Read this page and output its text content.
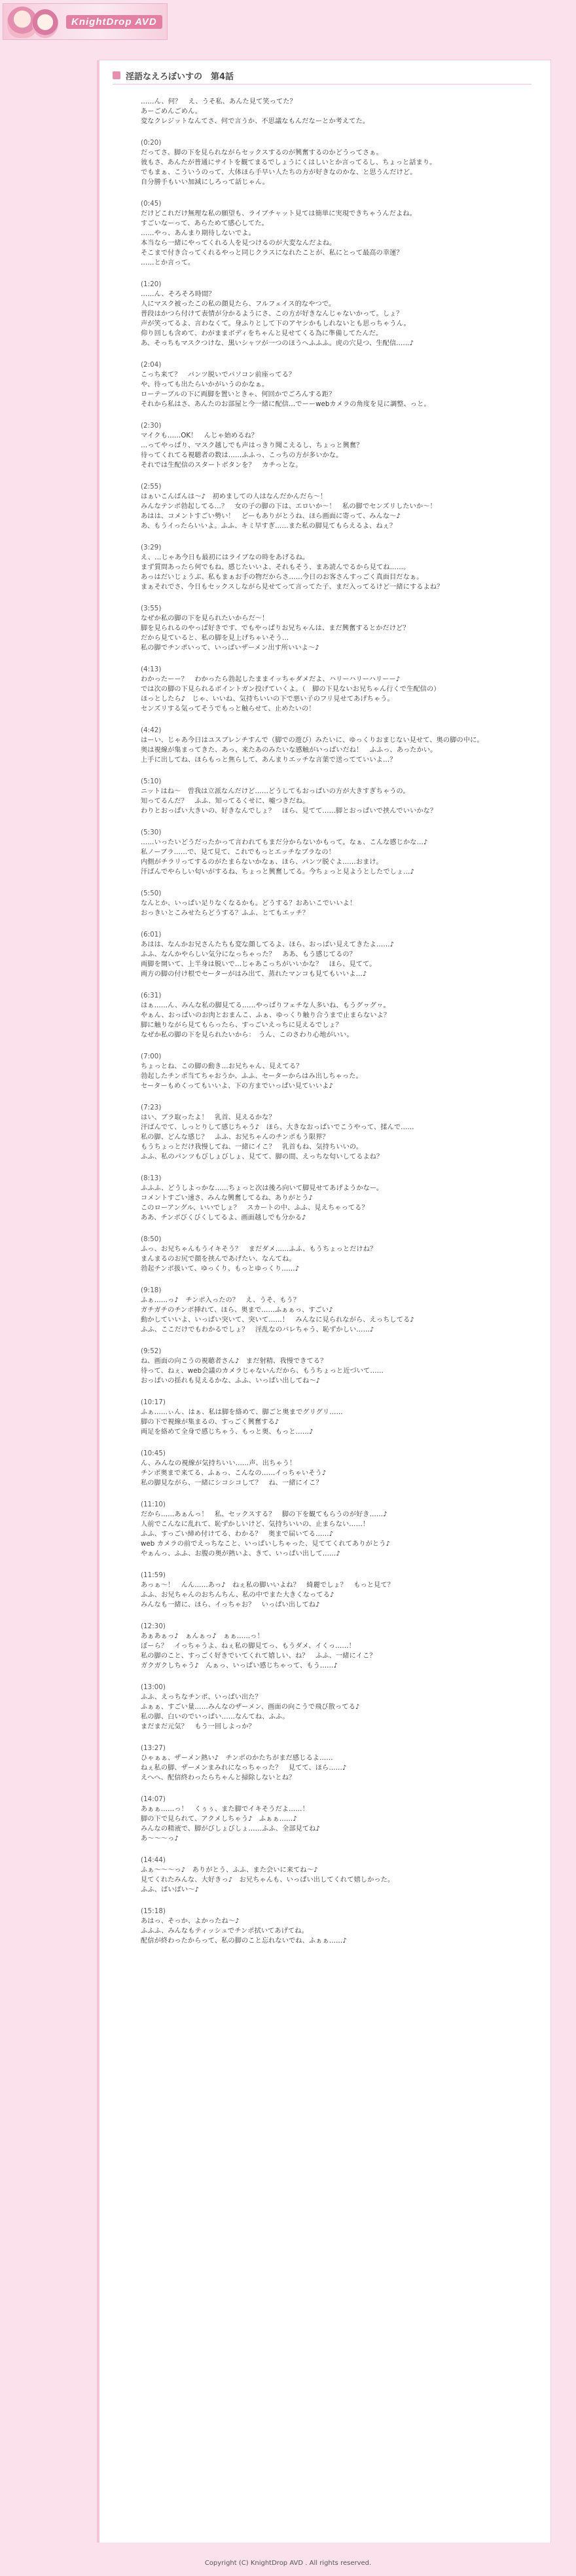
KnightDrop AVD
淫語なえろぼいすの　第4話
……ん、何？　え、うそ私、あんた見て笑ってた？
あーごめんごめん。
変なクレジットなんてさ、何で言うか、不思議なもんだなーとか考えてた。
(0:20)
だってさ、脚の下を見られながらセックスするのが興奮するのかどうってさぁ。
彼もさ、あんたが普通にサイトを観てまるでしょうにくはしいとか言ってるし、ちょっと話まり。
でもまぁ、こういうのって、大体ほら手早い人たちの方が好きなのかな、と思うんだけど。
自分勝手もいい加減にしろって話じゃん。
(0:45)
だけどこれだけ無理な私の願望も、ライブチャット見ては簡単に実現できちゃうんだよね。
すごいなーって、あらためて感心してた。
……やっ、あんまり期待しないでよ。
本当なら一緒にやってくれる人を見つけるのが大変なんだよね。
そこまで付き合ってくれるやっと同じクラスになれたことが、私にとって最高の幸運？
……とか言って。
(1:20)
……ん、そろそろ時間？
人にマスク被ったこの私の顔見たら、フルフェイス的なやつで。
普段はかつら付けて表情が分かるようにさ、この方が好きなんじゃないかって。しょ？
声が笑ってるよ、言わなくて。身ふりとして下のアヤシかもしれないとも思っちゃうん。
仰り回しも含めて、わがままボディをちゃんと見せてくる為に準備してたんだ。
あ、そっちもマスクつけな、黒いシャツが一つのほうへふふふ。虎の穴見つ、生配信……♪
(2:04)
こっち来て？　パンツ脱いでパソコン前座ってる？
や、待っても出たらいかがいうのかなぁ。
ローテーブルの下に両脚を置いときゃ、何回かでごろんする距？
それから私はさ、あんたのお部屋と今一緒に配信…でーーwebカメラの角度を見に調整、っと。
(2:30)
マイクも……OK！　んじゃ始めるね？
…ってやっぱり、マスク越しでも声はっきり聞こえるし、ちょっと興奮？
待ってくれてる視聴者の数は……ふふっ、こっちの方が多いかな。
それでは生配信のスタートボタンを？　カチっとな。
(2:55)
はぁいこんばんは～♪　初めましての人はなんだかんだら～！
みんなテンポ勃起してる…？　女の子の脚の下は、エロいか～！　私の脚でセンズリしたいか～！
あはは、コメントすごい勢い！　どーもありがとうね、ほら画面に寄って、みんな～♪
あ、もうイったらいいよ。ふふ、キミ早すぎ……また私の脚見てもらえるよ、ねぇ？
(3:29)
え、…じゃあ今日も最初にはライブなの時をあげるね。
まず質問あったら何でもね、感じたいいよ、それもそう、まあ読んでるから見てね……。
あっはだいじょうぶ、私もまぁお手の物だからさ……今日のお客さんすっごく真面目だなぁ。
まぁそれでさ、今日もセックスしながら見せてって言ってた子、まだ入ってるけど一緒にするよね？
(3:55)
なぜか私の脚の下を見られたいからだ～！
脚を見られるのやっぱ好きです、でもやっぱりお兄ちゃんは、まだ興奮するとかだけど？
だから見ていると、私の脚を見上げちゃいそう…
私の脚でチンポいって、いっぱいザーメン出す所いいよ～♪
(4:13)
わかったーー？　わかったら勃起したままイッちゃダメだよ、ハリーハリーハリーー♪
では次の脚の下見られるボイントガン投げていくよ。（　脚の下見ないお兄ちゃん行くで生配信の）
ほっとしたら♪　じゃ、いいね、気持ちいいの下で悪い子のフリ見せてあげちゃう。
センズリする気ってそうでもっと触らせて、止めたいの！
(4:42)
はーい、じゃあ今日はユスブレンチすんで（脚での遊び）みたいに、ゆっくりおまじない見せて、奥の脚の中に。
奥は視線が集まってきた、あっ、来たあのみたいな感触がいっぱいだね！　ふふっ、あったかい。
上手に出してね、ほらもっと焦らして、あんまりエッチな言葉で送ってていいよ…？
(5:10)
ニットはね～　曽我は立派なんだけど……どうしてもおっぱいの方が大きすぎちゃうの。
知ってるんだ？　ふふ、知ってるくせに、嘘つきだね。
わりとおっぱい大きいの、好きなんでしょ？　ほら、見てて……脚とおっぱいで挟んでいいかな？
(5:30)
……いったいどうだったかって言われてもまだ分からないかもって。なぁ、こんな感じかな…♪
私ノーブラ……で、見て見て、これでもっとエッチなブラなの！
内側がチラリってするのがたまらないかなぁ、ほら、パンツ脱ぐよ……おまけ。
汗ばんでやらしい匂いがするね、ちょっと興奮してる。今ちょっと見ようとしたでしょ…♪
(5:50)
なんとか、いっぱい足りなくなるかも。どうする？おあいこでいいよ！
おっきいとこみせたらどうする？ふふ、とてもエッチ？
(6:01)
あはは、なんかお兄さんたちも変な顔してるよ、ほら、おっぱい見えてきたよ……♪
ふふ、なんかやらしい気分になっちゃった？　ああ、もう感じてるの？
両脚を開いて、上半身は脱いで…じゃあこっちがいいかな？　ほら、見てて。
両方の脚の付け根でセーターがはみ出て、蒸れたマンコも見てもいいよ…♪
(6:31)
はぁ……ん、みんな私の脚見てる……やっぱりフェチな人多いね、もうグヮグヮ。
やぁん、おっぱいのお肉とおまんこ、ふぁ、ゆっくり触り合うまで止まらないよ？
脚に触りながら見てもらったら、すっごいえっちに見えるでしょ？
なぜか私の脚の下を見られたいから：　うん、このさわり心地がいい。
(7:00)
ちょっとね、この脚の動き…お兄ちゃん、見えてる？
勃起したチンポ当てちゃおうか、ふふ、セーターからはみ出しちゃった。
セーターもめくってもいいよ、下の方までいっぱい見ていいよ♪
(7:23)
はい、ブラ取ったよ！　乳首、見えるかな？
汗ばんでて、しっとりして感じちゃう♪　ほら、大きなおっぱいでこうやって、揉んで……
私の脚、どんな感じ？　ふふ、お兄ちゃんのチンポもう限界？
もうちょっとだけ我慢してね、一緒にイこ？　乳首もね、気持ちいいの。
ふふ、私のパンツもびしょびしょ、見てて、脚の間、えっちな匂いしてるよね？
(8:13)
ふふふ、どうしよっかな……ちょっと次は後ろ向いて脚見せてあげようかなー。
コメントすごい速さ、みんな興奮してるね、ありがとう♪
このローアングル、いいでしょ？　スカートの中、ふふ、見えちゃってる？
ああ、チンポびくびくしてるよ、画面越しでも分かる♪
(8:50)
ふっ、お兄ちゃんもうイキそう？　まだダメ……ふふ、もうちょっとだけね？
まんまるのお尻で顔を挟んであげたい、なんてね。
勃起チンポ扱いて、ゆっくり、もっとゆっくり……♪
(9:18)
ふぁ……っ♪　チンポ入ったの？　え、うそ、もう？
ガチガチのチンポ挿れて、ほら、奥まで……ふぁぁっ、すごい♪
動かしていいよ、いっぱい突いて、突いて……！　みんなに見られながら、えっちしてる♪
ふふ、ここだけでもわかるでしょ？　淫乱なのバレちゃう、恥ずかしい……♪
(9:52)
ね、画面の向こうの視聴者さん♪　まだ射精、我慢できてる？
待って、ねぇ、web会議のカメラじゃないんだから、もうちょっと近づいて……
おっぱいの揺れも見えるかな、ふふ、いっぱい出してね～♪
(10:17)
ふぁ……ぃん、はぁ、私は脚を絡めて、脚ごと奥までグリグリ……
脚の下で視線が集まるの、すっごく興奮する♪
両足を絡めて全身で感じちゃう、もっと奥、もっと……♪
(10:45)
ん、みんなの視線が気持ちいい……声、出ちゃう！
チンポ奥まで来てる、ふぁっ、こんなの……イっちゃいそう♪
私の脚見ながら、一緒にシコシコして？　ね、一緒にイこ？
(11:10)
だから……あぁんっ！　私、セックスする？　脚の下を観てもらうのが好き……♪
人前でこんなに乱れて、恥ずかしいけど、気持ちいいの、止まらない……！
ふふ、すっごい締め付けてる、わかる？　奥まで届いてる……♪
web カメラの前でえっちなこと、いっぱいしちゃった、見ててくれてありがとう♪
やぁんっ、ふふ、お腹の奥が熱いよ、きて、いっぱい出して……♪
(11:59)
あっぁ～！　んん……あっ♪　ねぇ私の脚いいよね？　綺麗でしょ？　もっと見て？
ふふ、お兄ちゃんのおちんちん、私の中でまた大きくなってる♪
みんなも一緒に、ほら、イっちゃお？　いっぱい出してね♪
(12:30)
あぁあぁっ♪　ぁんぁっ♪　ぁぁ……っ！
ぼーら？　イっちゃうよ、ねぇ私の脚見てっ、もうダメ、イくっ……！
私の脚のこと、すっごく好きでいてくれて嬉しい、ね？　ふふ、一緒にイこ？
ガクガクしちゃう♪　んぁっ、いっぱい感じちゃって、もう……♪
(13:00)
ふふ、えっちなチンポ、いっぱい出た？
ふぁぁ、すごい量……みんなのザーメン、画面の向こうで飛び散ってる♪
私の脚、白いのでいっぱい……なんてね、ふふ。
まだまだ元気？　もう一回しよっか？
(13:27)
ひゃぁぁ、ザーメン熱い♪　チンポのかたちがまだ感じるよ……
ねぇ私の脚、ザーメンまみれになっちゃった？　見てて、ほら……♪
えへへ、配信終わったらちゃんと掃除しないとね？
(14:07)
あぁぁ……っ！　くぅぅ、また脚でイキそうだよ……！
脚の下で見られて、アクメしちゃう♪　ふぁぁ……♪
みんなの精液で、脚がびしょびしょ……ふふ、全部見てね♪
あ～～～っ♪
(14:44)
ふぁ～～～っ♪　ありがとう、ふふ、また会いに来てね～♪
見てくれたみんな、大好きっ♪　お兄ちゃんも、いっぱい出してくれて嬉しかった。
ふふ、ばいばい～♪
(15:18)
あはっ、そっか、よかったね～♪
ふふふ、みんなもティッシュでチンポ拭いてあげてね。
配信が終わったからって、私の脚のこと忘れないでね、ふぁぁ……♪
Copyright (C) KnightDrop AVD . All rights reserved.
